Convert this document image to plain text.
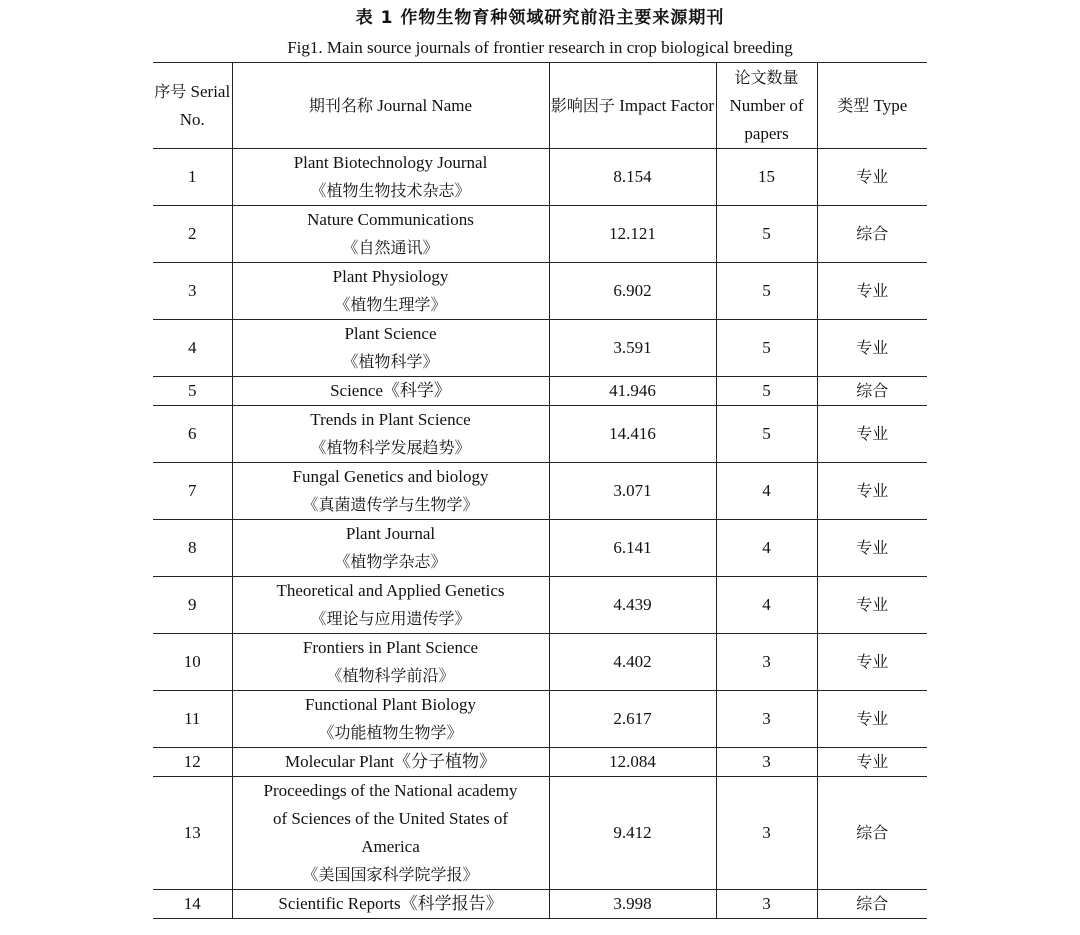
表 1 作物生物育种领域研究前沿主要来源期刊
Fig1. Main source journals of frontier research in crop biological breeding
序号 Serial No.	期刊名称 Journal Name	影响因子 Impact Factor	论文数量 Number of papers	类型 Type
1	Plant Biotechnology Journal
《植物生物技术杂志》	8.154	15	专业
2	Nature Communications
《自然通讯》	12.121	5	综合
3	Plant Physiology
《植物生理学》	6.902	5	专业
4	Plant Science
《植物科学》	3.591	5	专业
5	Science《科学》	41.946	5	综合
6	Trends in Plant Science
《植物科学发展趋势》	14.416	5	专业
7	Fungal Genetics and biology
《真菌遗传学与生物学》	3.071	4	专业
8	Plant Journal
《植物学杂志》	6.141	4	专业
9	Theoretical and Applied Genetics
《理论与应用遗传学》	4.439	4	专业
10	Frontiers in Plant Science
《植物科学前沿》	4.402	3	专业
11	Functional Plant Biology
《功能植物生物学》	2.617	3	专业
12	Molecular Plant《分子植物》	12.084	3	专业
13	Proceedings of the National academy
of Sciences of the United States of
America
《美国国家科学院学报》	9.412	3	综合
14	Scientific Reports《科学报告》	3.998	3	综合
